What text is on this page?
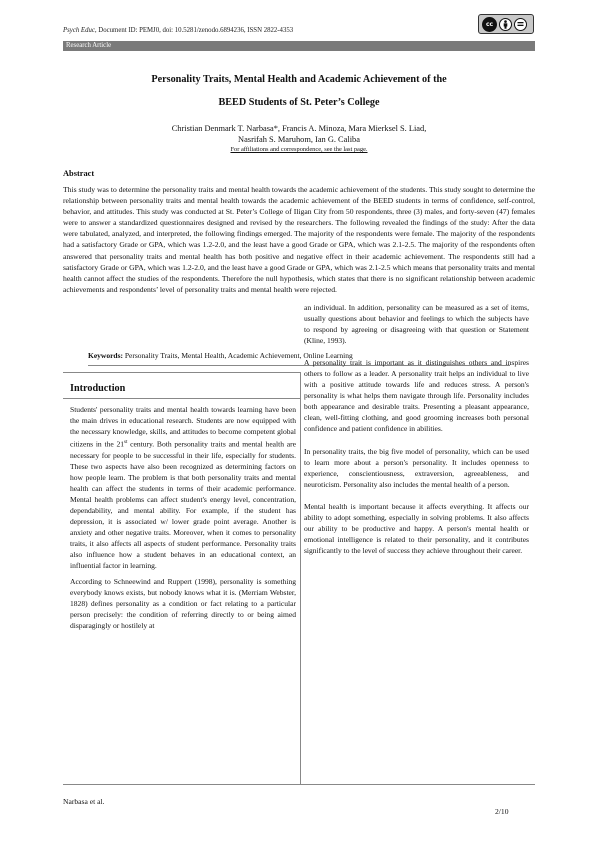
Psych Educ, Document ID: PEMJ0, doi: 10.5281/zenodo.6894236, ISSN 2822-4353
cc
Research Article
Personality Traits, Mental Health and Academic Achievement of the
BEED Students of St. Peter’s College
Christian Denmark T. Narbasa*, Francis A. Minoza, Mara Mierksel S. Liad,
Nasrifah S. Maruhom, Ian G. Caliba
For affiliations and correspondence, see the last page.
Abstract

This study was to determine the personality traits and mental health towards the academic achievement of the students. This study sought to determine the relationship between personality traits and mental health towards the academic achievement of the BEED students in terms of confidence, self-control, behavior, and attitudes. This study was conducted at St. Peter’s College of Iligan City from 50 respondents, three (3) males, and forty-seven (47) females were to answer a standardized questionnaires designed and revised by the researchers. The following revealed the findings of the study: After the data were tabulated, analyzed, and interpreted, the following findings emerged. The majority of the respondents were female. The majority of the respondents had a satisfactory Grade or GPA, which was 1.2-2.0, and the least have a good Grade or GPA, which was 2.1-2.5. The majority of the respondents often answered that personality traits and mental health has both positive and negative effect in their academic achievement. The respondents still had a satisfactory Grade or GPA, which was 1.2-2.0, and the least have a good Grade or GPA, which was 2.1-2.5 which means that personality traits and mental health cannot affect the studies of the respondents. Therefore the null hypothesis, which states that there is no significant relationship between academic achievements and respondents’ level of personality traits and mental health were rejected.

Keywords: Personality Traits, Mental Health, Academic Achievement, Online Learning
Introduction

Students' personality traits and mental health towards learning have been the main drives in educational research. Students are now equipped with the necessary knowledge, skills, and attitudes to become competent global citizens in the 21st century. Both personality traits and mental health are necessary for people to be successful in their life, especially for students. These two aspects have also been recognized as determining factors on how people learn. The problem is that both personality traits and mental health can affect the students in terms of their academic performance. Mental health problems can affect student's energy level, concentration, dependability, and mental ability. For example, if the student has depression, it is associated w/ lower grade point average. Another is anxiety and other negative traits. Moreover, when it comes to personality traits, it also affects all aspects of student performance. Personality traits also influence how a student behaves in an educational context, an influential factor in learning.

According to Schneewind and Ruppert (1998), personality is something everybody knows exists, but nobody knows what it is. (Merriam Webster, 1828) defines personality as a condition or fact relating to a particular person precisely: the condition of referring directly to or being aimed disparagingly or hostilely at

an individual. In addition, personality can be measured as a set of items, usually questions about behavior and feelings to which the subjects have to respond by agreeing or disagreeing with that question or Statement (Kline, 1993).

A personality trait is important as it distinguishes others and inspires others to follow as a leader. A personality trait helps an individual to live with a positive attitude towards life and reduces stress. A person's personality is what helps them navigate through life. Personality includes both appearance and desirable traits. Presenting a pleasant appearance, clean, well-fitting clothing, and good grooming increases both personal confidence and patient confidence in abilities.

In personality traits, the big five model of personality, which can be used to learn more about a person's personality. It includes openness to experience, conscientiousness, extraversion, agreeableness, and neuroticism. Personality also includes the mental health of a person.

Mental health is important because it affects everything. It affects our ability to adopt something, especially in solving problems. It also affects our ability to be productive and happy. A person's mental health or emotional intelligence is related to their personality, and it contributes significantly to the level of success they achieve throughout their career.

Narbasa et al.
2/10
